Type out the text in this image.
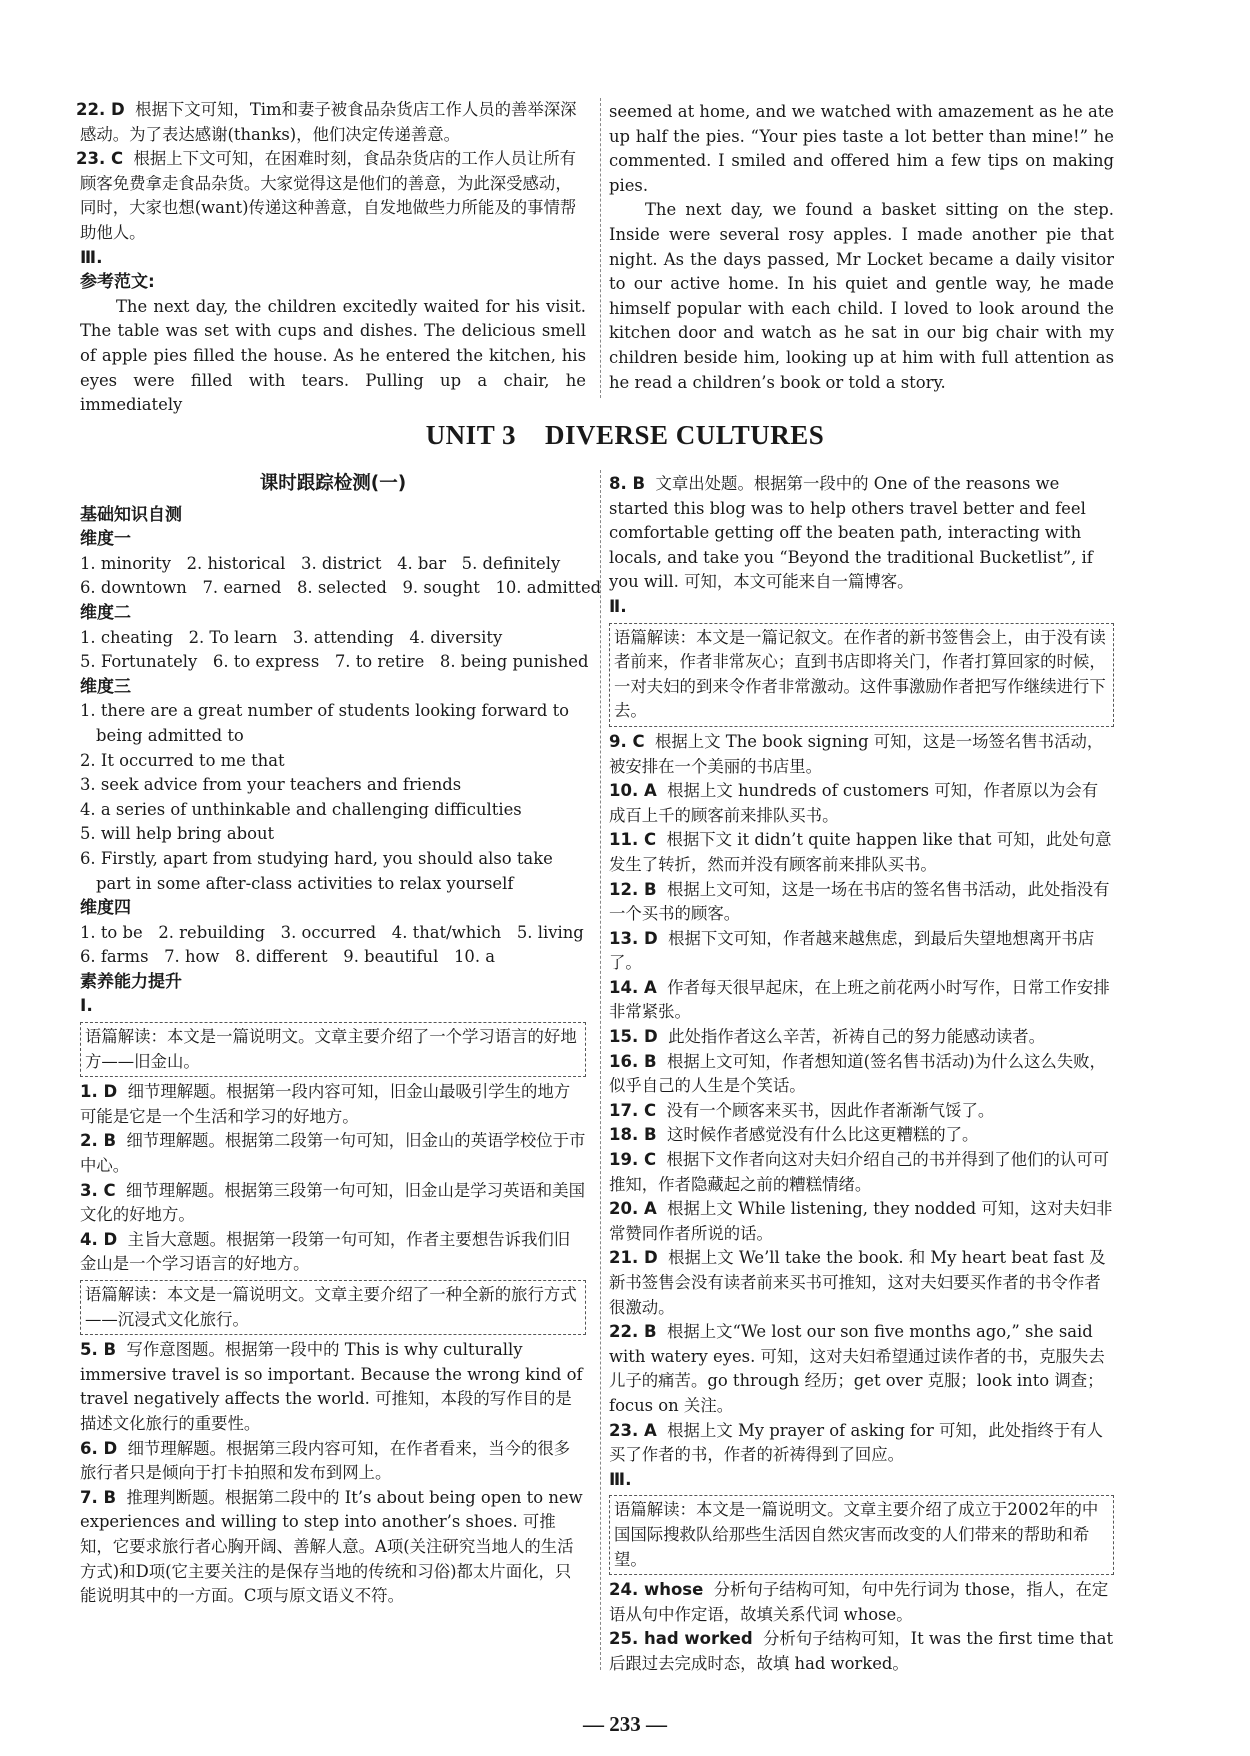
22. D 根据下文可知，Tim和妻子被食品杂货店工作人员的善举深深感动。为了表达感谢(thanks)，他们决定传递善意。

23. C 根据上下文可知，在困难时刻，食品杂货店的工作人员让所有顾客免费拿走食品杂货。大家觉得这是他们的善意，为此深受感动，同时，大家也想(want)传递这种善意，自发地做些力所能及的事情帮助他人。

Ⅲ.

参考范文:

The next day, the children excitedly waited for his visit. The table was set with cups and dishes. The delicious smell of apple pies filled the house. As he entered the kitchen, his eyes were filled with tears. Pulling up a chair, he immediately

seemed at home, and we watched with amazement as he ate up half the pies. “Your pies taste a lot better than mine!” he commented. I smiled and offered him a few tips on making pies.

The next day, we found a basket sitting on the step. Inside were several rosy apples. I made another pie that night. As the days passed, Mr Locket became a daily visitor to our active home. In his quiet and gentle way, he made himself popular with each child. I loved to look around the kitchen door and watch as he sat in our big chair with my children beside him, looking up at him with full attention as he read a children’s book or told a story.

UNIT 3    DIVERSE CULTURES

课时跟踪检测(一)

基础知识自测

维度一

1. minority   2. historical   3. district   4. bar   5. definitely

6. downtown   7. earned   8. selected   9. sought   10. admitted

维度二

1. cheating   2. To learn   3. attending   4. diversity

5. Fortunately   6. to express   7. to retire   8. being punished

维度三

1. there are a great number of students looking forward to being admitted to

2. It occurred to me that

3. seek advice from your teachers and friends

4. a series of unthinkable and challenging difficulties

5. will help bring about

6. Firstly, apart from studying hard, you should also take part in some after-class activities to relax yourself

维度四

1. to be   2. rebuilding   3. occurred   4. that/which   5. living

6. farms   7. how   8. different   9. beautiful   10. a

素养能力提升

Ⅰ.

语篇解读：本文是一篇说明文。文章主要介绍了一个学习语言的好地方——旧金山。

1. D 细节理解题。根据第一段内容可知，旧金山最吸引学生的地方可能是它是一个生活和学习的好地方。

2. B 细节理解题。根据第二段第一句可知，旧金山的英语学校位于市中心。

3. C 细节理解题。根据第三段第一句可知，旧金山是学习英语和美国文化的好地方。

4. D 主旨大意题。根据第一段第一句可知，作者主要想告诉我们旧金山是一个学习语言的好地方。

语篇解读：本文是一篇说明文。文章主要介绍了一种全新的旅行方式——沉浸式文化旅行。

5. B 写作意图题。根据第一段中的 This is why culturally immersive travel is so important. Because the wrong kind of travel negatively affects the world. 可推知，本段的写作目的是描述文化旅行的重要性。

6. D 细节理解题。根据第三段内容可知，在作者看来，当今的很多旅行者只是倾向于打卡拍照和发布到网上。

7. B 推理判断题。根据第二段中的 It’s about being open to new experiences and willing to step into another’s shoes. 可推知，它要求旅行者心胸开阔、善解人意。A项(关注研究当地人的生活方式)和D项(它主要关注的是保存当地的传统和习俗)都太片面化，只能说明其中的一方面。C项与原文语义不符。

8. B 文章出处题。根据第一段中的 One of the reasons we started this blog was to help others travel better and feel comfortable getting off the beaten path, interacting with locals, and take you “Beyond the traditional Bucketlist”, if you will. 可知，本文可能来自一篇博客。

Ⅱ.

语篇解读：本文是一篇记叙文。在作者的新书签售会上，由于没有读者前来，作者非常灰心；直到书店即将关门，作者打算回家的时候，一对夫妇的到来令作者非常激动。这件事激励作者把写作继续进行下去。

9. C 根据上文 The book signing 可知，这是一场签名售书活动，被安排在一个美丽的书店里。

10. A 根据上文 hundreds of customers 可知，作者原以为会有成百上千的顾客前来排队买书。

11. C 根据下文 it didn’t quite happen like that 可知，此处句意发生了转折，然而并没有顾客前来排队买书。

12. B 根据上文可知，这是一场在书店的签名售书活动，此处指没有一个买书的顾客。

13. D 根据下文可知，作者越来越焦虑，到最后失望地想离开书店了。

14. A 作者每天很早起床，在上班之前花两小时写作，日常工作安排非常紧张。

15. D 此处指作者这么辛苦，祈祷自己的努力能感动读者。

16. B 根据上文可知，作者想知道(签名售书活动)为什么这么失败，似乎自己的人生是个笑话。

17. C 没有一个顾客来买书，因此作者渐渐气馁了。

18. B 这时候作者感觉没有什么比这更糟糕的了。

19. C 根据下文作者向这对夫妇介绍自己的书并得到了他们的认可可推知，作者隐藏起之前的糟糕情绪。

20. A 根据上文 While listening, they nodded 可知，这对夫妇非常赞同作者所说的话。

21. D 根据上文 We’ll take the book. 和 My heart beat fast 及新书签售会没有读者前来买书可推知，这对夫妇要买作者的书令作者很激动。

22. B 根据上文“We lost our son five months ago,” she said with watery eyes. 可知，这对夫妇希望通过读作者的书，克服失去儿子的痛苦。go through 经历；get over 克服；look into 调查；focus on 关注。

23. A 根据上文 My prayer of asking for 可知，此处指终于有人买了作者的书，作者的祈祷得到了回应。

Ⅲ.

语篇解读：本文是一篇说明文。文章主要介绍了成立于2002年的中国国际搜救队给那些生活因自然灾害而改变的人们带来的帮助和希望。

24. whose 分析句子结构可知，句中先行词为 those，指人，在定语从句中作定语，故填关系代词 whose。

25. had worked 分析句子结构可知，It was the first time that 后跟过去完成时态，故填 had worked。

— 233 —
